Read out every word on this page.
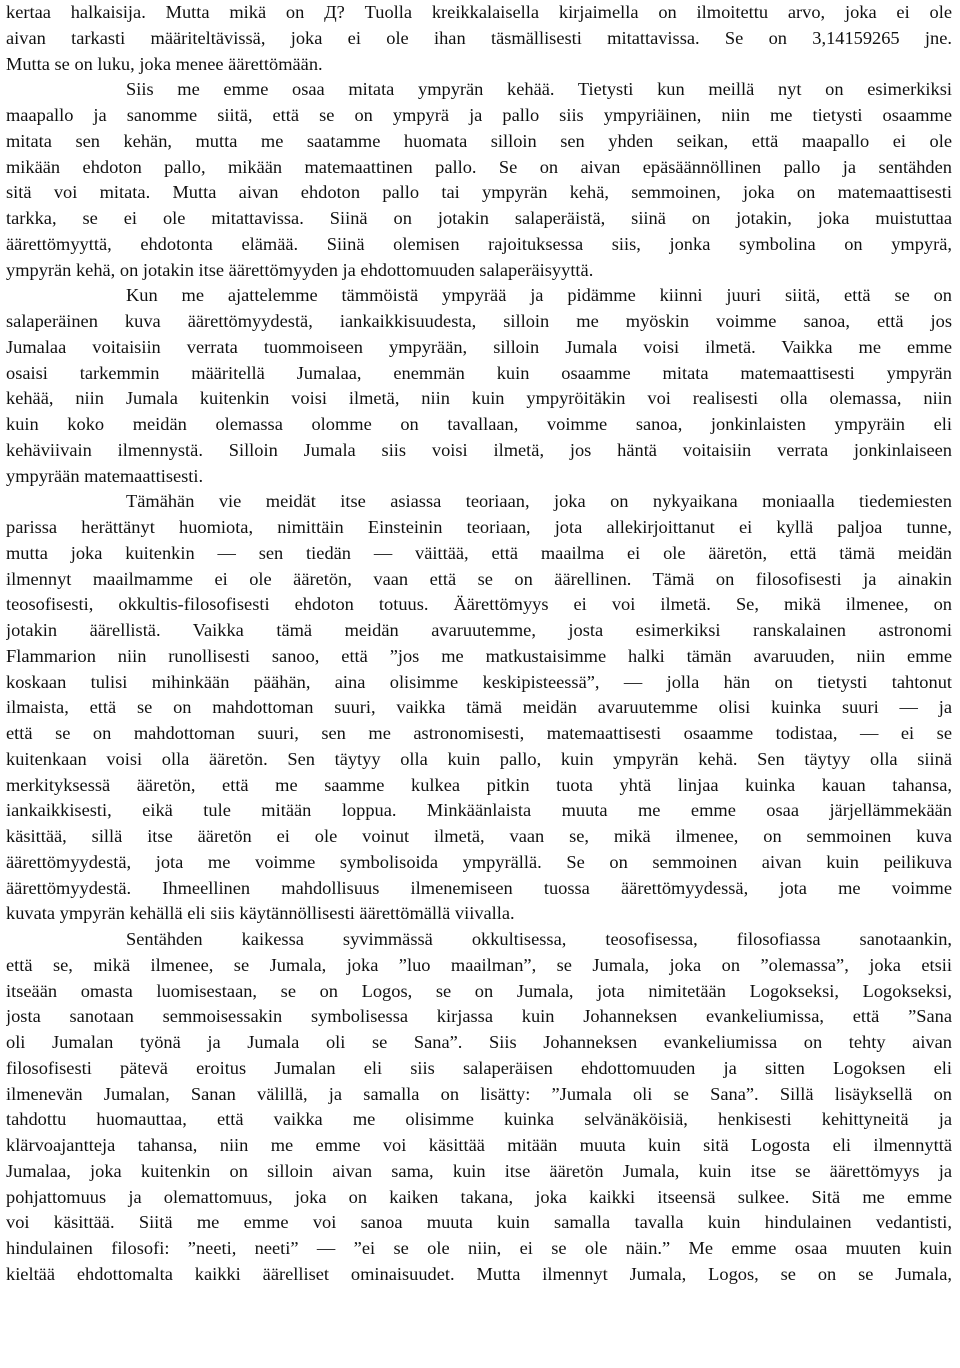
kertaa halkaisija. Mutta mikä on Д? Tuolla kreikkalaisella kirjaimella on ilmoitettu arvo, joka ei ole
aivan tarkasti määriteltävissä, joka ei ole ihan täsmällisesti mitattavissa. Se on 3,14159265 jne.
Mutta se on luku, joka menee äärettömään.
Siis me emme osaa mitata ympyrän kehää. Tietysti kun meillä nyt on esimerkiksi
maapallo ja sanomme siitä, että se on ympyrä ja pallo siis ympyriäinen, niin me tietysti osaamme
mitata sen kehän, mutta me saatamme huomata silloin sen yhden seikan, että maapallo ei ole
mikään ehdoton pallo, mikään matemaattinen pallo. Se on aivan epäsäännöllinen pallo ja sentähden
sitä voi mitata. Mutta aivan ehdoton pallo tai ympyrän kehä, semmoinen, joka on matemaattisesti
tarkka, se ei ole mitattavissa. Siinä on jotakin salaperäistä, siinä on jotakin, joka muistuttaa
äärettömyyttä, ehdotonta elämää. Siinä olemisen rajoituksessa siis, jonka symbolina on ympyrä,
ympyrän kehä, on jotakin itse äärettömyyden ja ehdottomuuden salaperäisyyttä.
Kun me ajattelemme tämmöistä ympyrää ja pidämme kiinni juuri siitä, että se on
salaperäinen kuva äärettömyydestä, iankaikkisuudesta, silloin me myöskin voimme sanoa, että jos
Jumalaa voitaisiin verrata tuommoiseen ympyrään, silloin Jumala voisi ilmetä. Vaikka me emme
osaisi tarkemmin määritellä Jumalaa, enemmän kuin osaamme mitata matemaattisesti ympyrän
kehää, niin Jumala kuitenkin voisi ilmetä, niin kuin ympyröitäkin voi realisesti olla olemassa, niin
kuin koko meidän olemassa olomme on tavallaan, voimme sanoa, jonkinlaisten ympyräin eli
kehäviivain ilmennystä. Silloin Jumala siis voisi ilmetä, jos häntä voitaisiin verrata jonkinlaiseen
ympyrään matemaattisesti.
Tämähän vie meidät itse asiassa teoriaan, joka on nykyaikana moniaalla tiedemiesten
parissa herättänyt huomiota, nimittäin Einsteinin teoriaan, jota allekirjoittanut ei kyllä paljoa tunne,
mutta joka kuitenkin — sen tiedän — väittää, että maailma ei ole ääretön, että tämä meidän
ilmennyt maailmamme ei ole ääretön, vaan että se on äärellinen. Tämä on filosofisesti ja ainakin
teosofisesti, okkultis-filosofisesti ehdoton totuus. Äärettömyys ei voi ilmetä. Se, mikä ilmenee, on
jotakin äärellistä. Vaikka tämä meidän avaruutemme, josta esimerkiksi ranskalainen astronomi
Flammarion niin runollisesti sanoo, että ”jos me matkustaisimme halki tämän avaruuden, niin emme
koskaan tulisi mihinkään päähän, aina olisimme keskipisteessä”, — jolla hän on tietysti tahtonut
ilmaista, että se on mahdottoman suuri, vaikka tämä meidän avaruutemme olisi kuinka suuri — ja
että se on mahdottoman suuri, sen me astronomisesti, matemaattisesti osaamme todistaa, — ei se
kuitenkaan voisi olla ääretön. Sen täytyy olla kuin pallo, kuin ympyrän kehä. Sen täytyy olla siinä
merkityksessä ääretön, että me saamme kulkea pitkin tuota yhtä linjaa kuinka kauan tahansa,
iankaikkisesti, eikä tule mitään loppua. Minkäänlaista muuta me emme osaa järjellämmekään
käsittää, sillä itse ääretön ei ole voinut ilmetä, vaan se, mikä ilmenee, on semmoinen kuva
äärettömyydestä, jota me voimme symbolisoida ympyrällä. Se on semmoinen aivan kuin peilikuva
äärettömyydestä. Ihmeellinen mahdollisuus ilmenemiseen tuossa äärettömyydessä, jota me voimme
kuvata ympyrän kehällä eli siis käytännöllisesti äärettömällä viivalla.
Sentähden kaikessa syvimmässä okkultisessa, teosofisessa, filosofiassa sanotaankin,
että se, mikä ilmenee, se Jumala, joka ”luo maailman”, se Jumala, joka on ”olemassa”, joka etsii
itseään omasta luomisestaan, se on Logos, se on Jumala, jota nimitetään Logokseksi, Logokseksi,
josta sanotaan semmoisessakin symbolisessa kirjassa kuin Johanneksen evankeliumissa, että ”Sana
oli Jumalan työnä ja Jumala oli se Sana”. Siis Johanneksen evankeliumissa on tehty aivan
filosofisesti pätevä eroitus Jumalan eli siis salaperäisen ehdottomuuden ja sitten Logoksen eli
ilmenevän Jumalan, Sanan välillä, ja samalla on lisätty: ”Jumala oli se Sana”. Sillä lisäyksellä on
tahdottu huomauttaa, että vaikka me olisimme kuinka selvänäköisiä, henkisesti kehittyneitä ja
klärvoajantteja tahansa, niin me emme voi käsittää mitään muuta kuin sitä Logosta eli ilmennyttä
Jumalaa, joka kuitenkin on silloin aivan sama, kuin itse ääretön Jumala, kuin itse se äärettömyys ja
pohjattomuus ja olemattomuus, joka on kaiken takana, joka kaikki itseensä sulkee. Sitä me emme
voi käsittää. Siitä me emme voi sanoa muuta kuin samalla tavalla kuin hindulainen vedantisti,
hindulainen filosofi: ”neeti, neeti” — ”ei se ole niin, ei se ole näin.” Me emme osaa muuten kuin
kieltää ehdottomalta kaikki äärelliset ominaisuudet. Mutta ilmennyt Jumala, Logos, se on se Jumala,
